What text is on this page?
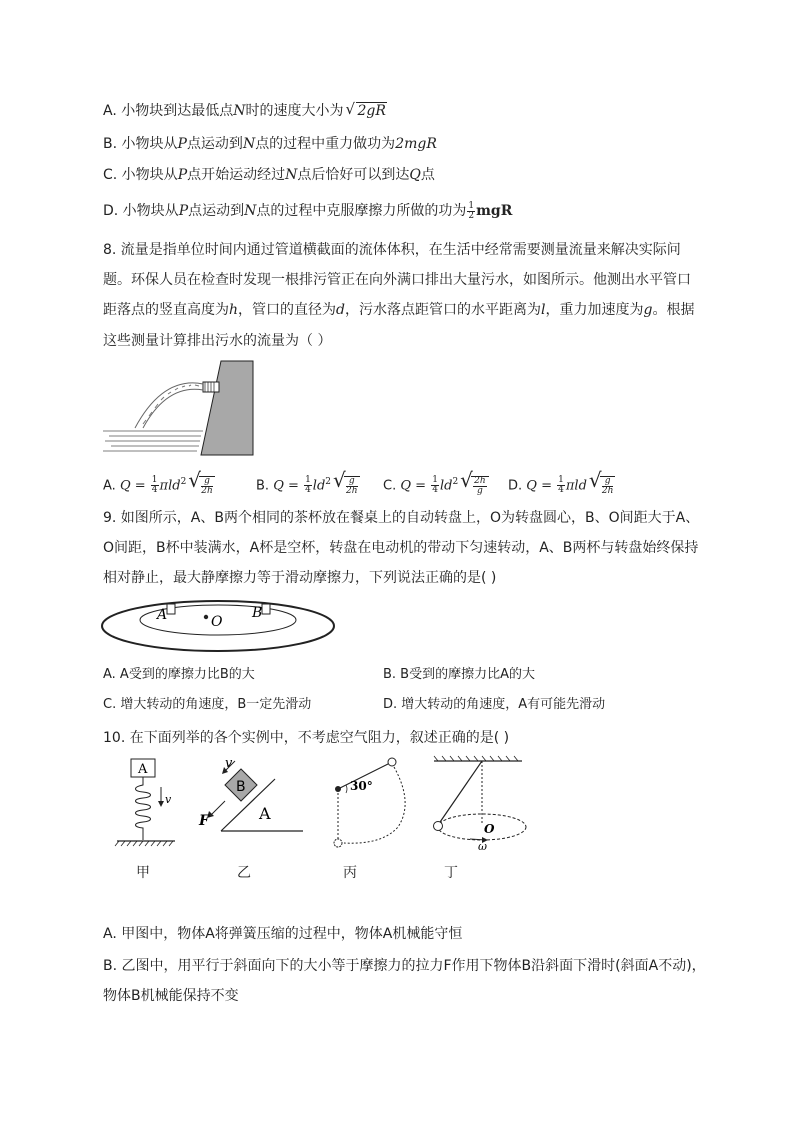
A. 小物块到达最低点N时的速度大小为 √ 2gR
B. 小物块从P点运动到N点的过程中重力做功为2mgR
C. 小物块从P点开始运动经过N点后恰好可以到达Q点
D. 小物块从P点运动到N点的过程中克服摩擦力所做的功为 $\frac{1}{2}$ mgR
8. 流量是指单位时间内通过管道横截面的流体体积，在生活中经常需要测量流量来解决实际问
题。环保人员在检查时发现一根排污管正在向外满口排出大量污水，如图所示。他测出水平管口
距落点的竖直高度为h，管口的直径为d，污水落点距管口的水平距离为l，重力加速度为g。根据
这些测量计算排出污水的流量为（ ）
A. $Q = \frac{1}{4} \pi ld^2$ √ $\frac{g}{2h}$	B. $Q = \frac{1}{4} ld^2$ √ $\frac{g}{2h} C$. $Q = \frac{1}{4} ld^2$ √ $\frac{2h}{g} D$. $Q = \frac{1}{4}$ πld √ $\frac{g}{2h}$
9. 如图所示，A、B两个相同的茶杯放在餐桌上的自动转盘上，O为转盘圆心，B、O间距大于A、
O间距，B杯中装满水，A杯是空杯，转盘在电动机的带动下匀速转动，A、B两杯与转盘始终保持
相对静止，最大静摩擦力等于滑动摩擦力，下列说法正确的是( )
A	B
O
A. A受到的摩擦力比B的大	B. B受到的摩擦力比A的大
C. 增大转动的角速度，B一定先滑动	D. 增大转动的角速度，A有可能先滑动
10. 在下面列举的各个实例中，不考虑空气阻力，叙述正确的是( )
A
v
B
v
F	A
30°
O
ω
甲	乙	丙	丁
A. 甲图中，物体A将弹簧压缩的过程中，物体A机械能守恒
B. 乙图中，用平行于斜面向下的大小等于摩擦力的拉力F作用下物体B沿斜面下滑时(斜面A不动)，
物体B机械能保持不变
